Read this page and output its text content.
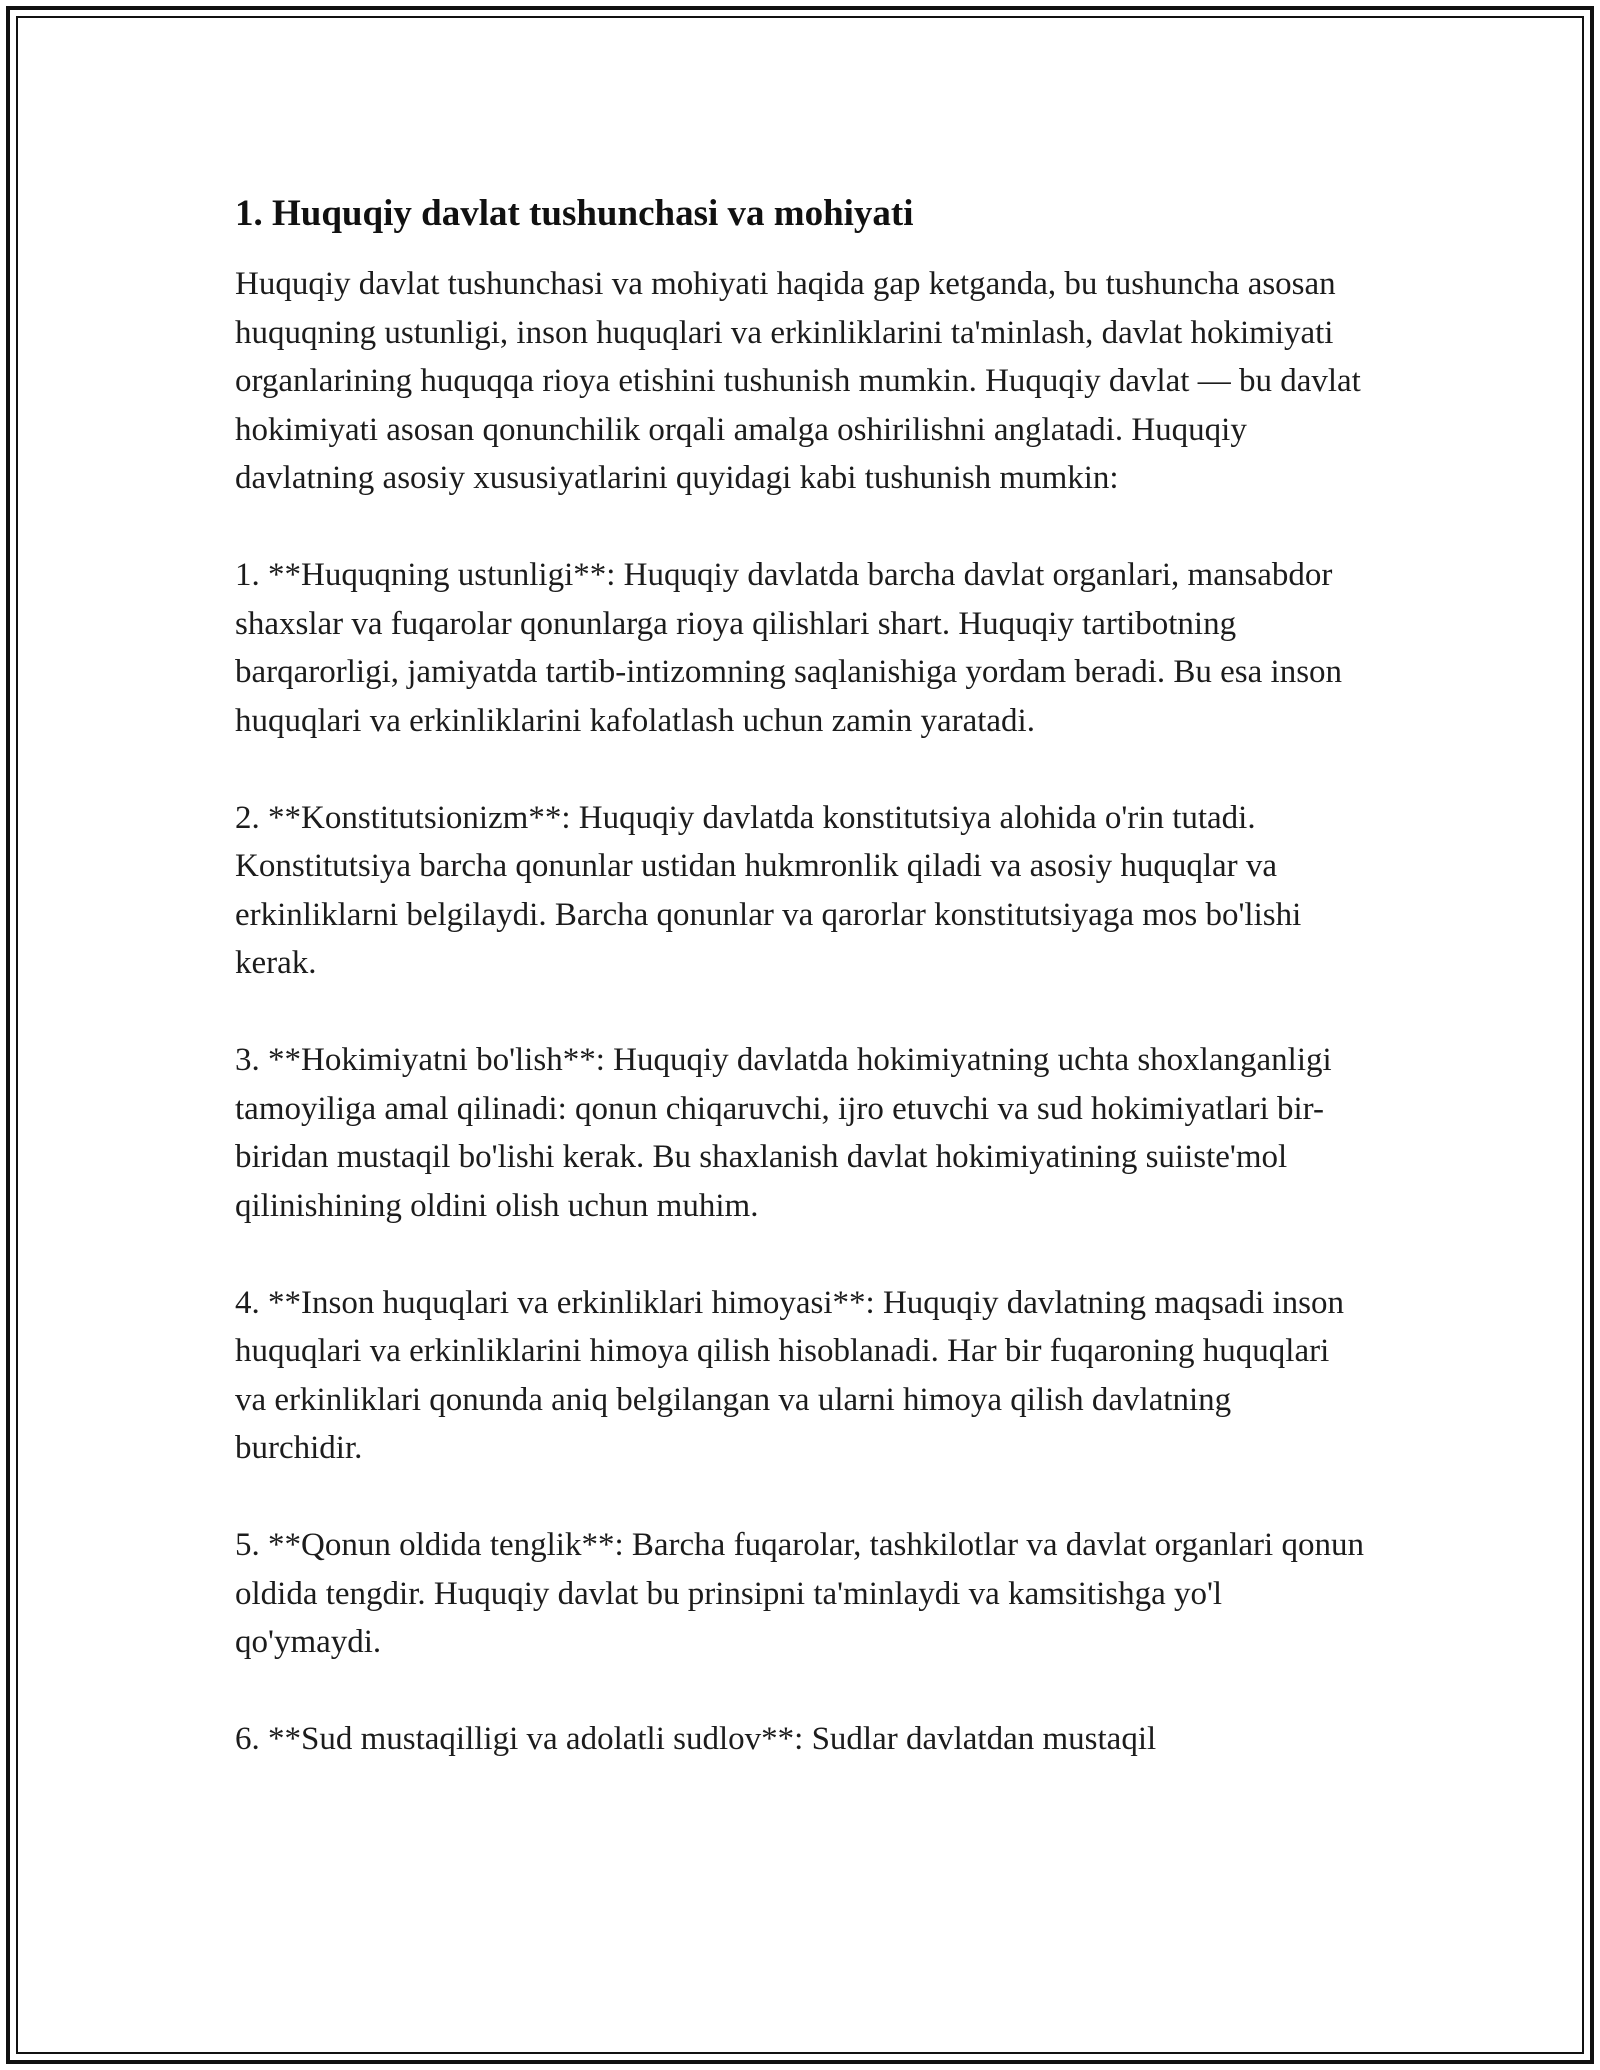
1. Huquqiy davlat tushunchasi va mohiyati

Huquqiy davlat tushunchasi va mohiyati haqida gap ketganda, bu tushuncha asosan huquqning ustunligi, inson huquqlari va erkinliklarini ta'minlash, davlat hokimiyati organlarining huquqqa rioya etishini tushunish mumkin. Huquqiy davlat — bu davlat hokimiyati asosan qonunchilik orqali amalga oshirilishni anglatadi. Huquqiy davlatning asosiy xususiyatlarini quyidagi kabi tushunish mumkin:

1. **Huquqning ustunligi**: Huquqiy davlatda barcha davlat organlari, mansabdor shaxslar va fuqarolar qonunlarga rioya qilishlari shart. Huquqiy tartibotning barqarorligi, jamiyatda tartib-intizomning saqlanishiga yordam beradi. Bu esa inson huquqlari va erkinliklarini kafolatlash uchun zamin yaratadi.

2. **Konstitutsionizm**: Huquqiy davlatda konstitutsiya alohida o'rin tutadi. Konstitutsiya barcha qonunlar ustidan hukmronlik qiladi va asosiy huquqlar va erkinliklarni belgilaydi. Barcha qonunlar va qarorlar konstitutsiyaga mos bo'lishi kerak.

3. **Hokimiyatni bo'lish**: Huquqiy davlatda hokimiyatning uchta shoxlanganligi tamoyiliga amal qilinadi: qonun chiqaruvchi, ijro etuvchi va sud hokimiyatlari bir-biridan mustaqil bo'lishi kerak. Bu shaxlanish davlat hokimiyatining suiiste'mol qilinishining oldini olish uchun muhim.

4. **Inson huquqlari va erkinliklari himoyasi**: Huquqiy davlatning maqsadi inson huquqlari va erkinliklarini himoya qilish hisoblanadi. Har bir fuqaroning huquqlari va erkinliklari qonunda aniq belgilangan va ularni himoya qilish davlatning burchidir.

5. **Qonun oldida tenglik**: Barcha fuqarolar, tashkilotlar va davlat organlari qonun oldida tengdir. Huquqiy davlat bu prinsipni ta'minlaydi va kamsitishga yo'l qo'ymaydi.

6. **Sud mustaqilligi va adolatli sudlov**: Sudlar davlatdan mustaqil
